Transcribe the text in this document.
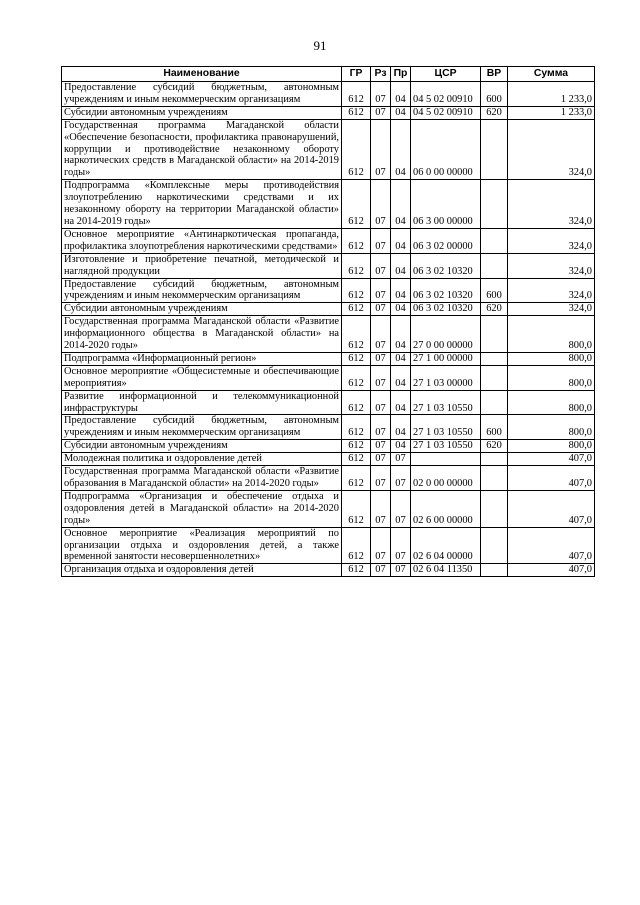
91
Наименование	ГР	Рз	Пр	ЦСР	ВР	Сумма
Предоставление субсидий бюджетным, автономным учреждениям и иным некоммерческим организациям	612	07	04	04 5 02 00910	600	1 233,0
Субсидии автономным учреждениям	612	07	04	04 5 02 00910	620	1 233,0
Государственная программа Магаданской области «Обеспечение безопасности, профилактика правонарушений, коррупции и противодействие незаконному обороту наркотических средств в Магаданской области» на 2014-2019 годы»	612	07	04	06 0 00 00000		324,0
Подпрограмма «Комплексные меры противодействия злоупотреблению наркотическими средствами и их незаконному обороту на территории Магаданской области» на 2014-2019 годы»	612	07	04	06 3 00 00000		324,0
Основное мероприятие «Антинаркотическая пропаганда, профилактика злоупотребления наркотическими средствами»	612	07	04	06 3 02 00000		324,0
Изготовление и приобретение печатной, методической и наглядной продукции	612	07	04	06 3 02 10320		324,0
Предоставление субсидий бюджетным, автономным учреждениям и иным некоммерческим организациям	612	07	04	06 3 02 10320	600	324,0
Субсидии автономным учреждениям	612	07	04	06 3 02 10320	620	324,0
Государственная программа Магаданской области «Развитие информационного общества в Магаданской области» на 2014-2020 годы»	612	07	04	27 0 00 00000		800,0
Подпрограмма «Информационный регион»	612	07	04	27 1 00 00000		800,0
Основное мероприятие «Общесистемные и обеспечивающие мероприятия»	612	07	04	27 1 03 00000		800,0
Развитие информационной и телекоммуникационной инфраструктуры	612	07	04	27 1 03 10550		800,0
Предоставление субсидий бюджетным, автономным учреждениям и иным некоммерческим организациям	612	07	04	27 1 03 10550	600	800,0
Субсидии автономным учреждениям	612	07	04	27 1 03 10550	620	800,0
Молодежная политика и оздоровление детей	612	07	07			407,0
Государственная программа Магаданской области «Развитие образования в Магаданской области» на 2014-2020 годы»	612	07	07	02 0 00 00000		407,0
Подпрограмма «Организация и обеспечение отдыха и оздоровления детей в Магаданской области» на 2014-2020 годы»	612	07	07	02 6 00 00000		407,0
Основное мероприятие «Реализация мероприятий по организации отдыха и оздоровления детей, а также временной занятости несовершеннолетних»	612	07	07	02 6 04 00000		407,0
Организация отдыха и оздоровления детей	612	07	07	02 6 04 11350		407,0
